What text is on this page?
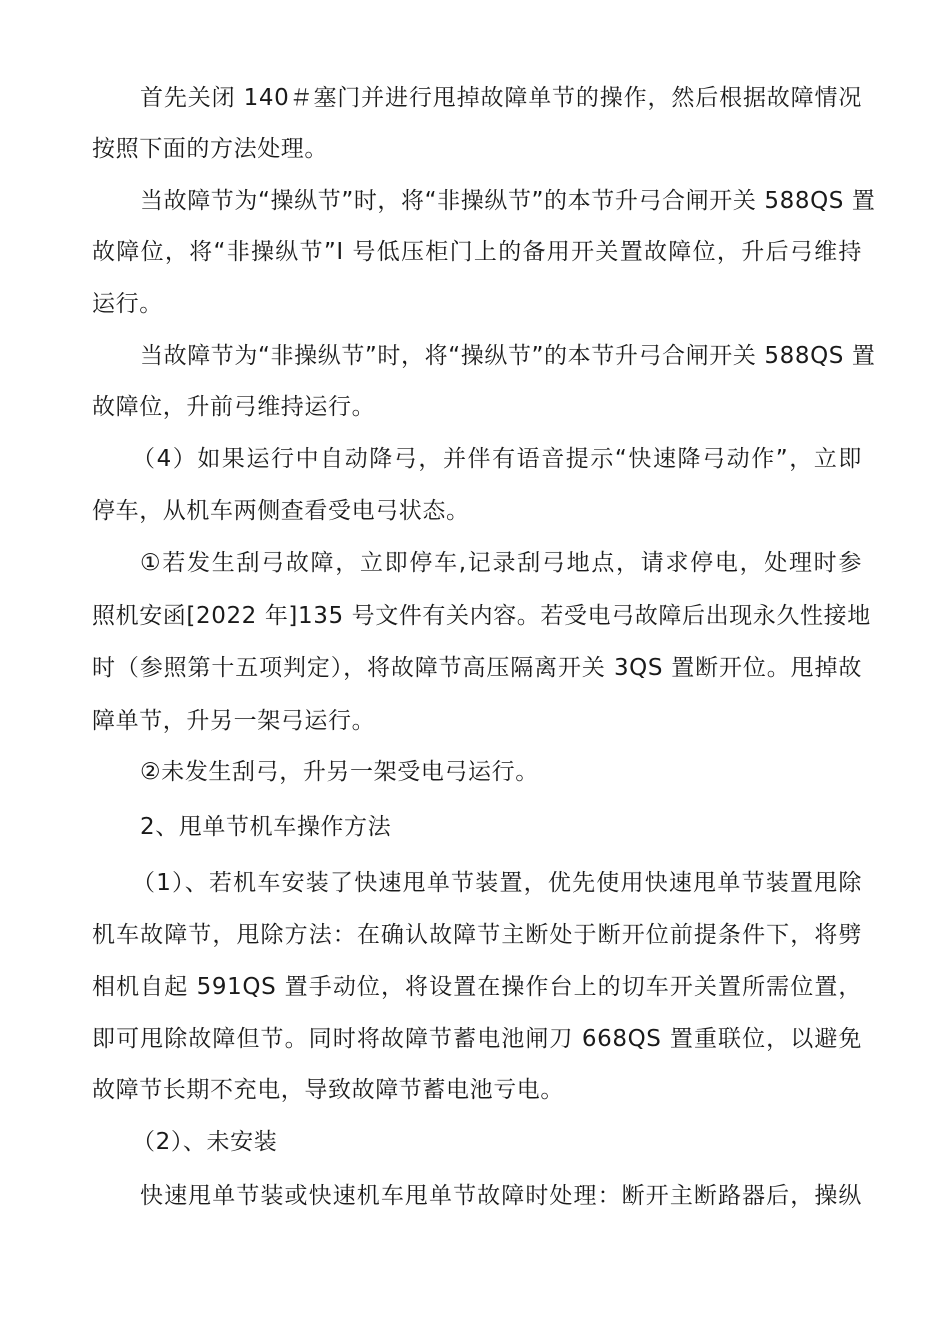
首先关闭 140＃塞门并进行甩掉故障单节的操作，然后根据故障情况
按照下面的方法处理。
当故障节为“操纵节”时，将“非操纵节”的本节升弓合闸开关 588QS 置
故障位，将“非操纵节”I 号低压柜门上的备用开关置故障位，升后弓维持
运行。
当故障节为“非操纵节”时，将“操纵节”的本节升弓合闸开关 588QS 置
故障位，升前弓维持运行。
（4）如果运行中自动降弓，并伴有语音提示“快速降弓动作”，立即
停车，从机车两侧查看受电弓状态。
①若发生刮弓故障，立即停车,记录刮弓地点，请求停电，处理时参
照机安函[2022 年]135 号文件有关内容。若受电弓故障后出现永久性接地
时（参照第十五项判定），将故障节高压隔离开关 3QS 置断开位。甩掉故
障单节，升另一架弓运行。
②未发生刮弓，升另一架受电弓运行。
2、甩单节机车操作方法
（1）、若机车安装了快速甩单节装置，优先使用快速甩单节装置甩除
机车故障节，甩除方法：在确认故障节主断处于断开位前提条件下，将劈
相机自起 591QS 置手动位，将设置在操作台上的切车开关置所需位置，
即可甩除故障但节。同时将故障节蓄电池闸刀 668QS 置重联位，以避免
故障节长期不充电，导致故障节蓄电池亏电。
（2）、未安装
快速甩单节装或快速机车甩单节故障时处理：断开主断路器后，操纵
